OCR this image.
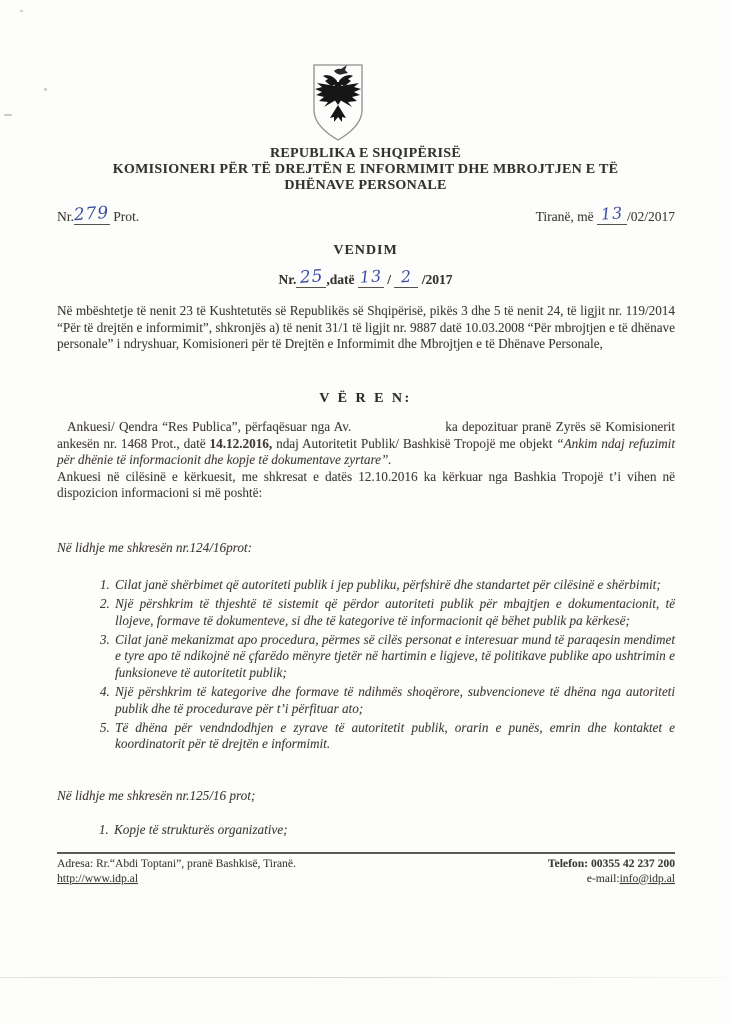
REPUBLIKA E SHQIPËRISË
KOMISIONERI PËR TË DREJTËN E INFORMIMIT DHE MBROJTJEN E TË
DHËNAVE PERSONALE
Nr.279 Prot.	Tiranë, më 13 /02/2017
VENDIM
Nr. 25 ,datë 13 / 2 /2017

Në mbështetje të nenit 23 të Kushtetutës së Republikës së Shqipërisë, pikës 3 dhe 5 të nenit 24, të ligjit nr. 119/2014 “Për të drejtën e informimit”, shkronjës a) të nenit 31/1 të ligjit nr. 9887 datë 10.03.2008 “Për mbrojtjen e të dhënave personale” i ndryshuar, Komisioneri për të Drejtën e Informimit dhe Mbrojtjen e të Dhënave Personale,

V Ë R E N:

Ankuesi/ Qendra “Res Publica”, përfaqësuar nga Av.	ka depozituar pranë Zyrës së Komisionerit ankesën nr. 1468 Prot., datë 14.12.2016, ndaj Autoritetit Publik/ Bashkisë Tropojë me objekt “Ankim ndaj refuzimit për dhënie të informacionit dhe kopje të dokumentave zyrtare”.

Ankuesi në cilësinë e kërkuesit, me shkresat e datës 12.10.2016 ka kërkuar nga Bashkia Tropojë t’i vihen në dispozicion informacioni si më poshtë:

Në lidhje me shkresën nr.124/16prot:
1. Cilat janë shërbimet që autoriteti publik i jep publiku, përfshirë dhe standartet për cilësinë e shërbimit;
2. Një përshkrim të thjeshtë të sistemit që përdor autoriteti publik për mbajtjen e dokumentacionit, të llojeve, formave të dokumenteve, si dhe të kategorive të informacionit që bëhet publik pa kërkesë;
3. Cilat janë mekanizmat apo procedura, përmes së cilës personat e interesuar mund të paraqesin mendimet e tyre apo të ndikojnë në çfarëdo mënyre tjetër në hartimin e ligjeve, të politikave publike apo ushtrimin e funksioneve të autoritetit publik;
4. Një përshkrim të kategorive dhe formave të ndihmës shoqërore, subvencioneve të dhëna nga autoriteti publik dhe të procedurave për t’i përfituar ato;
5. Të dhëna për vendndodhjen e zyrave të autoritetit publik, orarin e punës, emrin dhe kontaktet e koordinatorit për të drejtën e informimit.
Në lidhje me shkresën nr.125/16 prot;
1. Kopje të strukturës organizative;
Adresa: Rr.“Abdi Toptani”, pranë Bashkisë, Tiranë.
http://www.idp.al
Telefon: 00355 42 237 200
e-mail:info@idp.al
